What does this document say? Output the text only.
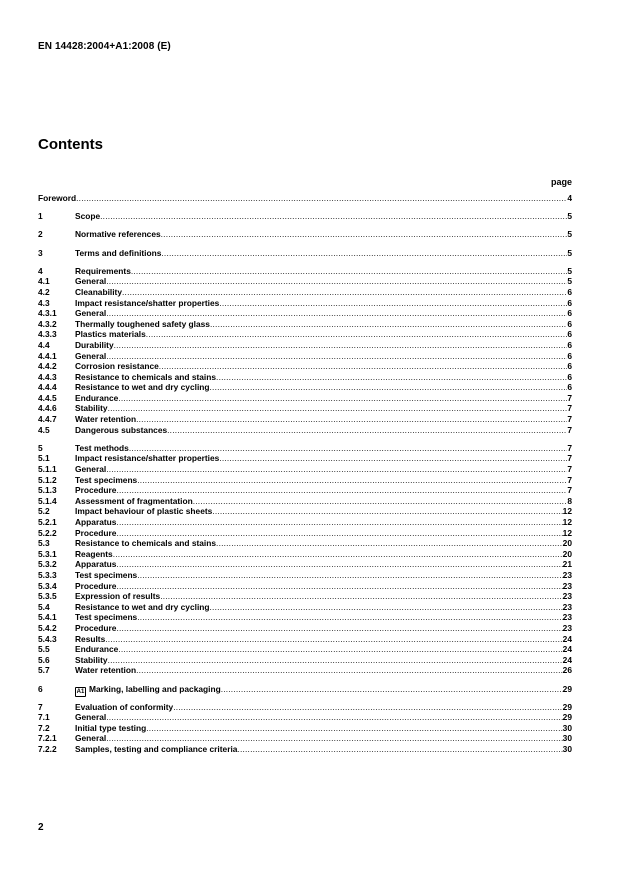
EN 14428:2004+A1:2008 (E)
Contents
page
Foreword .....	4
1	Scope .....	5
2	Normative references .....	5
3	Terms and definitions .....	5
4	Requirements .....	5
4.1	General .....	5
4.2	Cleanability .....	6
4.3	Impact resistance/shatter properties .....	6
4.3.1	General .....	6
4.3.2	Thermally toughened safety glass .....	6
4.3.3	Plastics materials .....	6
4.4	Durability .....	6
4.4.1	General .....	6
4.4.2	Corrosion resistance .....	6
4.4.3	Resistance to chemicals and stains .....	6
4.4.4	Resistance to wet and dry cycling .....	6
4.4.5	Endurance .....	7
4.4.6	Stability .....	7
4.4.7	Water retention .....	7
4.5	Dangerous substances .....	7
5	Test methods .....	7
5.1	Impact resistance/shatter properties .....	7
5.1.1	General .....	7
5.1.2	Test specimens .....	7
5.1.3	Procedure .....	7
5.1.4	Assessment of fragmentation .....	8
5.2	Impact behaviour of plastic sheets .....	12
5.2.1	Apparatus .....	12
5.2.2	Procedure .....	12
5.3	Resistance to chemicals and stains .....	20
5.3.1	Reagents .....	20
5.3.2	Apparatus .....	21
5.3.3	Test specimens .....	23
5.3.4	Procedure .....	23
5.3.5	Expression of results .....	23
5.4	Resistance to wet and dry cycling .....	23
5.4.1	Test specimens .....	23
5.4.2	Procedure .....	23
5.4.3	Results .....	24
5.5	Endurance .....	24
5.6	Stability .....	24
5.7	Water retention .....	26
6	A1 Marking, labelling and packaging .....	29
7	Evaluation of conformity .....	29
7.1	General .....	29
7.2	Initial type testing .....	30
7.2.1	General .....	30
7.2.2	Samples, testing and compliance criteria .....	30
2
